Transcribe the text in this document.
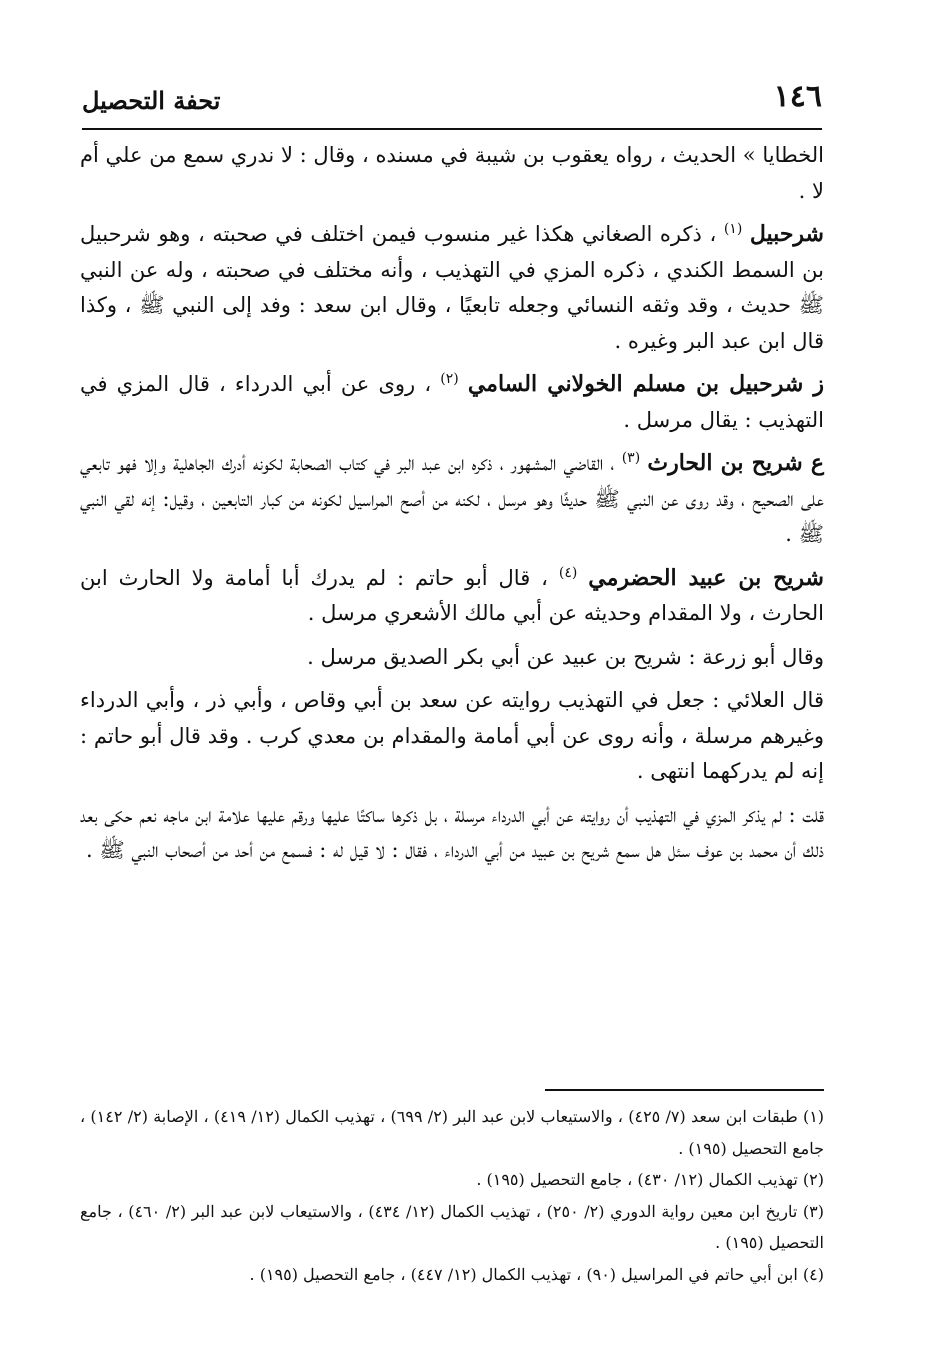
١٤٦
تحفة التحصيل

الخطايا » الحديث ، رواه يعقوب بن شيبة في مسنده ، وقال : لا ندري سمع من علي أم لا .

شرحبيل $^{(١)}$ ، ذكره الصغاني هكذا غير منسوب فيمن اختلف في صحبته ، وهو شرحبيل بن السمط الكندي ، ذكره المزي في التهذيب ، وأنه مختلف في صحبته ، وله عن النبي ﷺ حديث ، وقد وثقه النسائي وجعله تابعيًا ، وقال ابن سعد : وفد إلى النبي ﷺ ، وكذا قال ابن عبد البر وغيره .

ز شرحبيل بن مسلم الخولاني السامي $^{(٢)}$ ، روى عن أبي الدرداء ، قال المزي في التهذيب : يقال مرسل .

ع شريح بن الحارث $^{(٣)}$ ، القاضي المشهور ، ذكره ابن عبد البر في كتاب الصحابة لكونه أدرك الجاهلية وإلا فهو تابعي على الصحيح ، وقد روى عن النبي ﷺ حديثًا وهو مرسل ، لكنه من أصح المراسيل لكونه من كبار التابعين ، وقيل: إنه لقي النبي ﷺ .

شريح بن عبيد الحضرمي $^{(٤)}$ ، قال أبو حاتم : لم يدرك أبا أمامة ولا الحارث ابن الحارث ، ولا المقدام وحديثه عن أبي مالك الأشعري مرسل .

وقال أبو زرعة : شريح بن عبيد عن أبي بكر الصديق مرسل .

قال العلائي : جعل في التهذيب روايته عن سعد بن أبي وقاص ، وأبي ذر ، وأبي الدرداء وغيرهم مرسلة ، وأنه روى عن أبي أمامة والمقدام بن معدي كرب . وقد قال أبو حاتم : إنه لم يدركهما انتهى .

قلت : لم يذكر المزي في التهذيب أن روايته عن أبي الدرداء مرسلة ، بل ذكرها ساكتًا عليها ورقم عليها علامة ابن ماجه نعم حكى بعد ذلك أن محمد بن عوف سئل هل سمع شريح بن عبيد من أبي الدرداء ، فقال : لا قيل له : فسمع من أحد من أصحاب النبي ﷺ .

(١) طبقات ابن سعد (٧/ ٤٢٥) ، والاستيعاب لابن عبد البر (٢/ ٦٩٩) ، تهذيب الكمال (١٢/ ٤١٩) ، الإصابة (٢/ ١٤٢) ، جامع التحصيل (١٩٥) .

(٢) تهذيب الكمال (١٢/ ٤٣٠) ، جامع التحصيل (١٩٥) .

(٣) تاريخ ابن معين رواية الدوري (٢/ ٢٥٠) ، تهذيب الكمال (١٢/ ٤٣٤) ، والاستيعاب لابن عبد البر (٢/ ٤٦٠) ، جامع التحصيل (١٩٥) .

(٤) ابن أبي حاتم في المراسيل (٩٠) ، تهذيب الكمال (١٢/ ٤٤٧) ، جامع التحصيل (١٩٥) .
